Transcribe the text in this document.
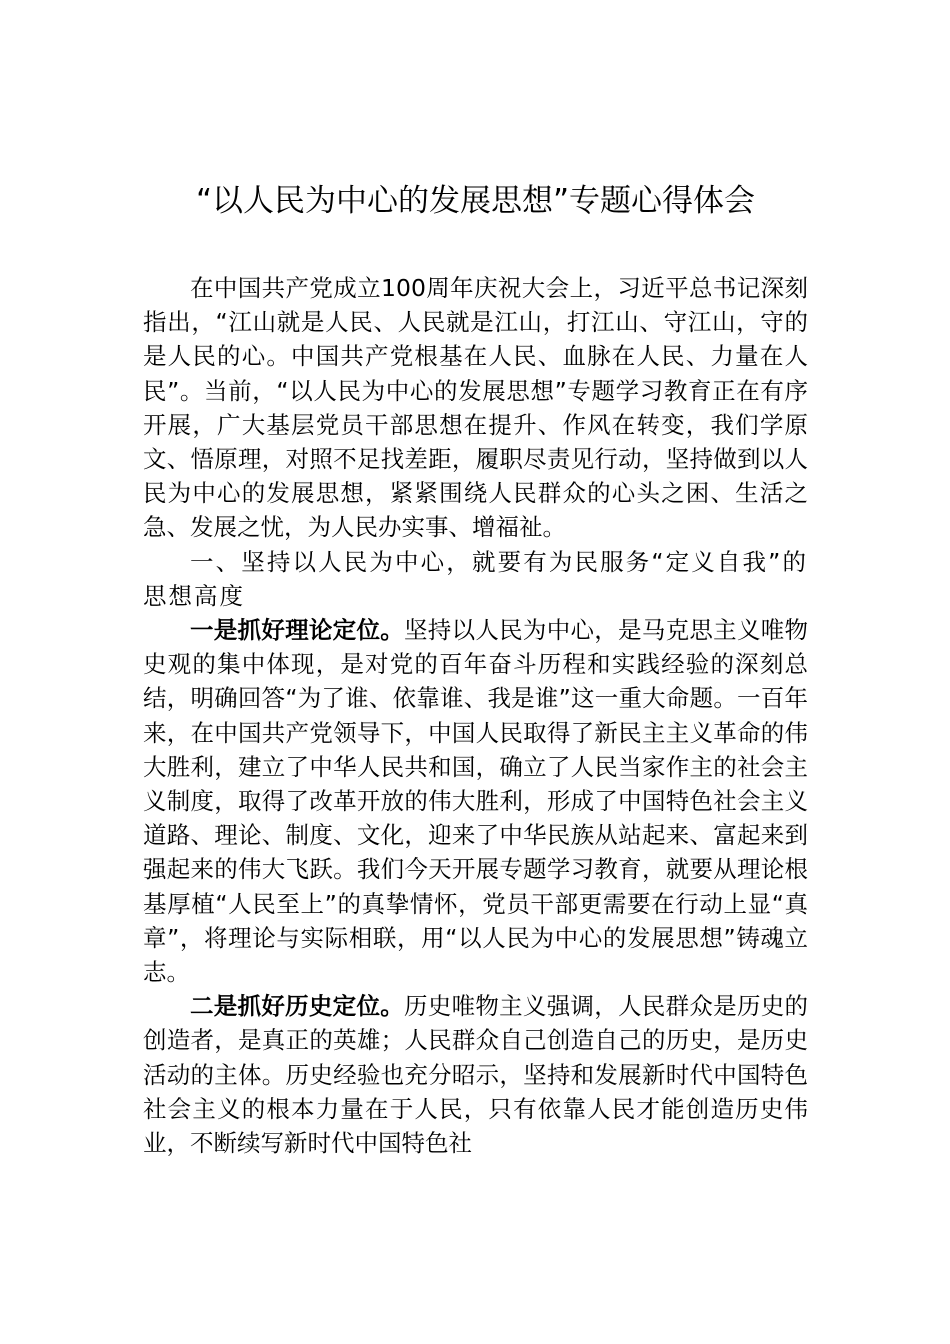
“以人民为中心的发展思想”专题心得体会

在中国共产党成立100周年庆祝大会上，习近平总书记深刻指出，“江山就是人民、人民就是江山，打江山、守江山，守的是人民的心。中国共产党根基在人民、血脉在人民、力量在人民”。当前，“以人民为中心的发展思想”专题学习教育正在有序开展，广大基层党员干部思想在提升、作风在转变，我们学原文、悟原理，对照不足找差距，履职尽责见行动，坚持做到以人民为中心的发展思想，紧紧围绕人民群众的心头之困、生活之急、发展之忧，为人民办实事、增福祉。

一、坚持以人民为中心，就要有为民服务“定义自我”的思想高度

一是抓好理论定位。坚持以人民为中心，是马克思主义唯物史观的集中体现，是对党的百年奋斗历程和实践经验的深刻总结，明确回答“为了谁、依靠谁、我是谁”这一重大命题。一百年来，在中国共产党领导下，中国人民取得了新民主主义革命的伟大胜利，建立了中华人民共和国，确立了人民当家作主的社会主义制度，取得了改革开放的伟大胜利，形成了中国特色社会主义道路、理论、制度、文化，迎来了中华民族从站起来、富起来到强起来的伟大飞跃。我们今天开展专题学习教育，就要从理论根基厚植“人民至上”的真挚情怀，党员干部更需要在行动上显“真章”，将理论与实际相联，用“以人民为中心的发展思想”铸魂立志。

二是抓好历史定位。历史唯物主义强调，人民群众是历史的创造者，是真正的英雄；人民群众自己创造自己的历史，是历史活动的主体。历史经验也充分昭示，坚持和发展新时代中国特色社会主义的根本力量在于人民，只有依靠人民才能创造历史伟业，不断续写新时代中国特色社
